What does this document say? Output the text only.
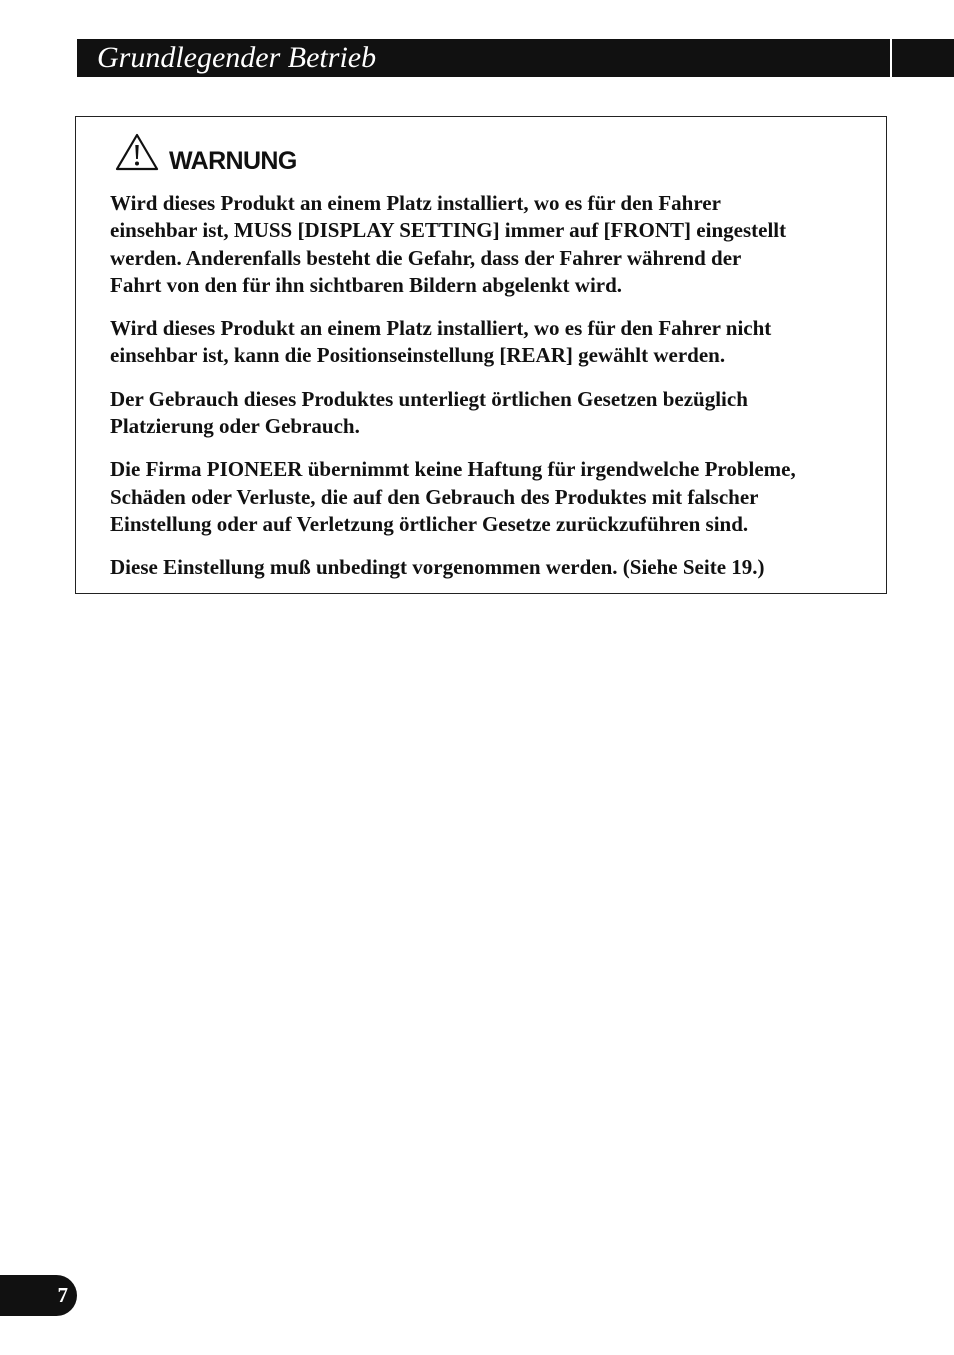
Grundlegender Betrieb
WARNUNG

Wird dieses Produkt an einem Platz installiert, wo es für den Fahrer
einsehbar ist, MUSS [DISPLAY SETTING] immer auf [FRONT] eingestellt
werden. Anderenfalls besteht die Gefahr, dass der Fahrer während der
Fahrt von den für ihn sichtbaren Bildern abgelenkt wird.

Wird dieses Produkt an einem Platz installiert, wo es für den Fahrer nicht
einsehbar ist, kann die Positionseinstellung [REAR] gewählt werden.

Der Gebrauch dieses Produktes unterliegt örtlichen Gesetzen bezüglich
Platzierung oder Gebrauch.

Die Firma PIONEER übernimmt keine Haftung für irgendwelche Probleme,
Schäden oder Verluste, die auf den Gebrauch des Produktes mit falscher
Einstellung oder auf Verletzung örtlicher Gesetze zurückzuführen sind.

Diese Einstellung muß unbedingt vorgenommen werden. (Siehe Seite 19.)

7
